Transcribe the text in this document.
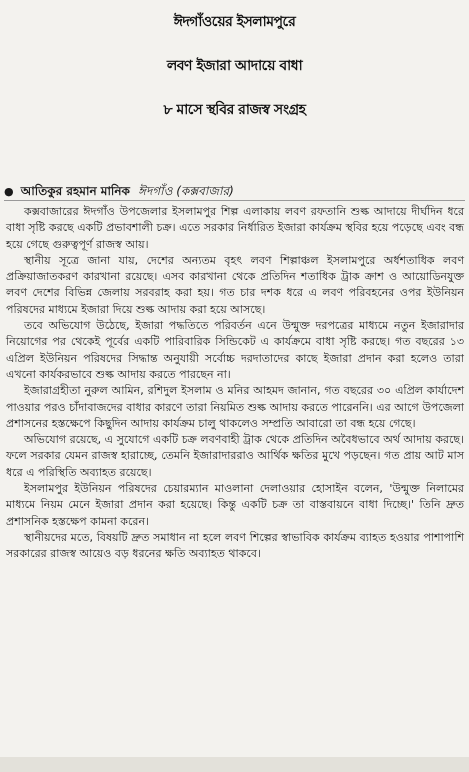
ঈদগাঁওয়ের ইসলামপুরে
লবণ ইজারা আদায়ে বাধা
৮ মাসে স্থবির রাজস্ব সংগ্রহ
● আতিকুর রহমান মানিক ঈদগাঁও (কক্সবাজার)

কক্সবাজারের ঈদগাঁও উপজেলার ইসলামপুর শিল্প এলাকায় লবণ রফতানি শুল্ক আদায়ে দীর্ঘদিন ধরে বাধা সৃষ্টি করছে একটি প্রভাবশালী চক্র। এতে সরকার নির্ধারিত ইজারা কার্যক্রম স্থবির হয়ে পড়েছে এবং বন্ধ হয়ে গেছে গুরুত্বপূর্ণ রাজস্ব আয়।

স্থানীয় সূত্রে জানা যায়, দেশের অন্যতম বৃহৎ লবণ শিল্পাঞ্চল ইসলামপুরে অর্ধশতাধিক লবণ প্রক্রিয়াজাতকরণ কারখানা রয়েছে। এসব কারখানা থেকে প্রতিদিন শতাধিক ট্রাক ক্রাশ ও আয়োডিনযুক্ত লবণ দেশের বিভিন্ন জেলায় সরবরাহ করা হয়। গত চার দশক ধরে এ লবণ পরিবহনের ওপর ইউনিয়ন পরিষদের মাধ্যমে ইজারা দিয়ে শুল্ক আদায় করা হয়ে আসছে।

তবে অভিযোগ উঠেছে, ইজারা পদ্ধতিতে পরিবর্তন এনে উন্মুক্ত দরপত্রের মাধ্যমে নতুন ইজারাদার নিয়োগের পর থেকেই পূর্বের একটি পারিবারিক সিন্ডিকেট এ কার্যক্রমে বাধা সৃষ্টি করছে। গত বছরের ১৩ এপ্রিল ইউনিয়ন পরিষদের সিদ্ধান্ত অনুযায়ী সর্বোচ্চ দরদাতাদের কাছে ইজারা প্রদান করা হলেও তারা এখনো কার্যকরভাবে শুল্ক আদায় করতে পারছেন না।

ইজারাগ্রহীতা নুরুল আমিন, রশিদুল ইসলাম ও মনির আহমদ জানান, গত বছরের ৩০ এপ্রিল কার্যাদেশ পাওয়ার পরও চাঁদাবাজদের বাধার কারণে তারা নিয়মিত শুল্ক আদায় করতে পারেননি। এর আগে উপজেলা প্রশাসনের হস্তক্ষেপে কিছুদিন আদায় কার্যক্রম চালু থাকলেও সম্প্রতি আবারো তা বন্ধ হয়ে গেছে।

অভিযোগ রয়েছে, এ সুযোগে একটি চক্র লবণবাহী ট্রাক থেকে প্রতিদিন অবৈধভাবে অর্থ আদায় করছে। ফলে সরকার যেমন রাজস্ব হারাচ্ছে, তেমনি ইজারাদাররাও আর্থিক ক্ষতির মুখে পড়ছেন। গত প্রায় আট মাস ধরে এ পরিস্থিতি অব্যাহত রয়েছে।

ইসলামপুর ইউনিয়ন পরিষদের চেয়ারম্যান মাওলানা দেলাওয়ার হোসাইন বলেন, 'উন্মুক্ত নিলামের মাধ্যমে নিয়ম মেনে ইজারা প্রদান করা হয়েছে। কিন্তু একটি চক্র তা বাস্তবায়নে বাধা দিচ্ছে।' তিনি দ্রুত প্রশাসনিক হস্তক্ষেপ কামনা করেন।

স্থানীয়দের মতে, বিষয়টি দ্রুত সমাধান না হলে লবণ শিল্পের স্বাভাবিক কার্যক্রম ব্যাহত হওয়ার পাশাপাশি সরকারের রাজস্ব আয়েও বড় ধরনের ক্ষতি অব্যাহত থাকবে।
